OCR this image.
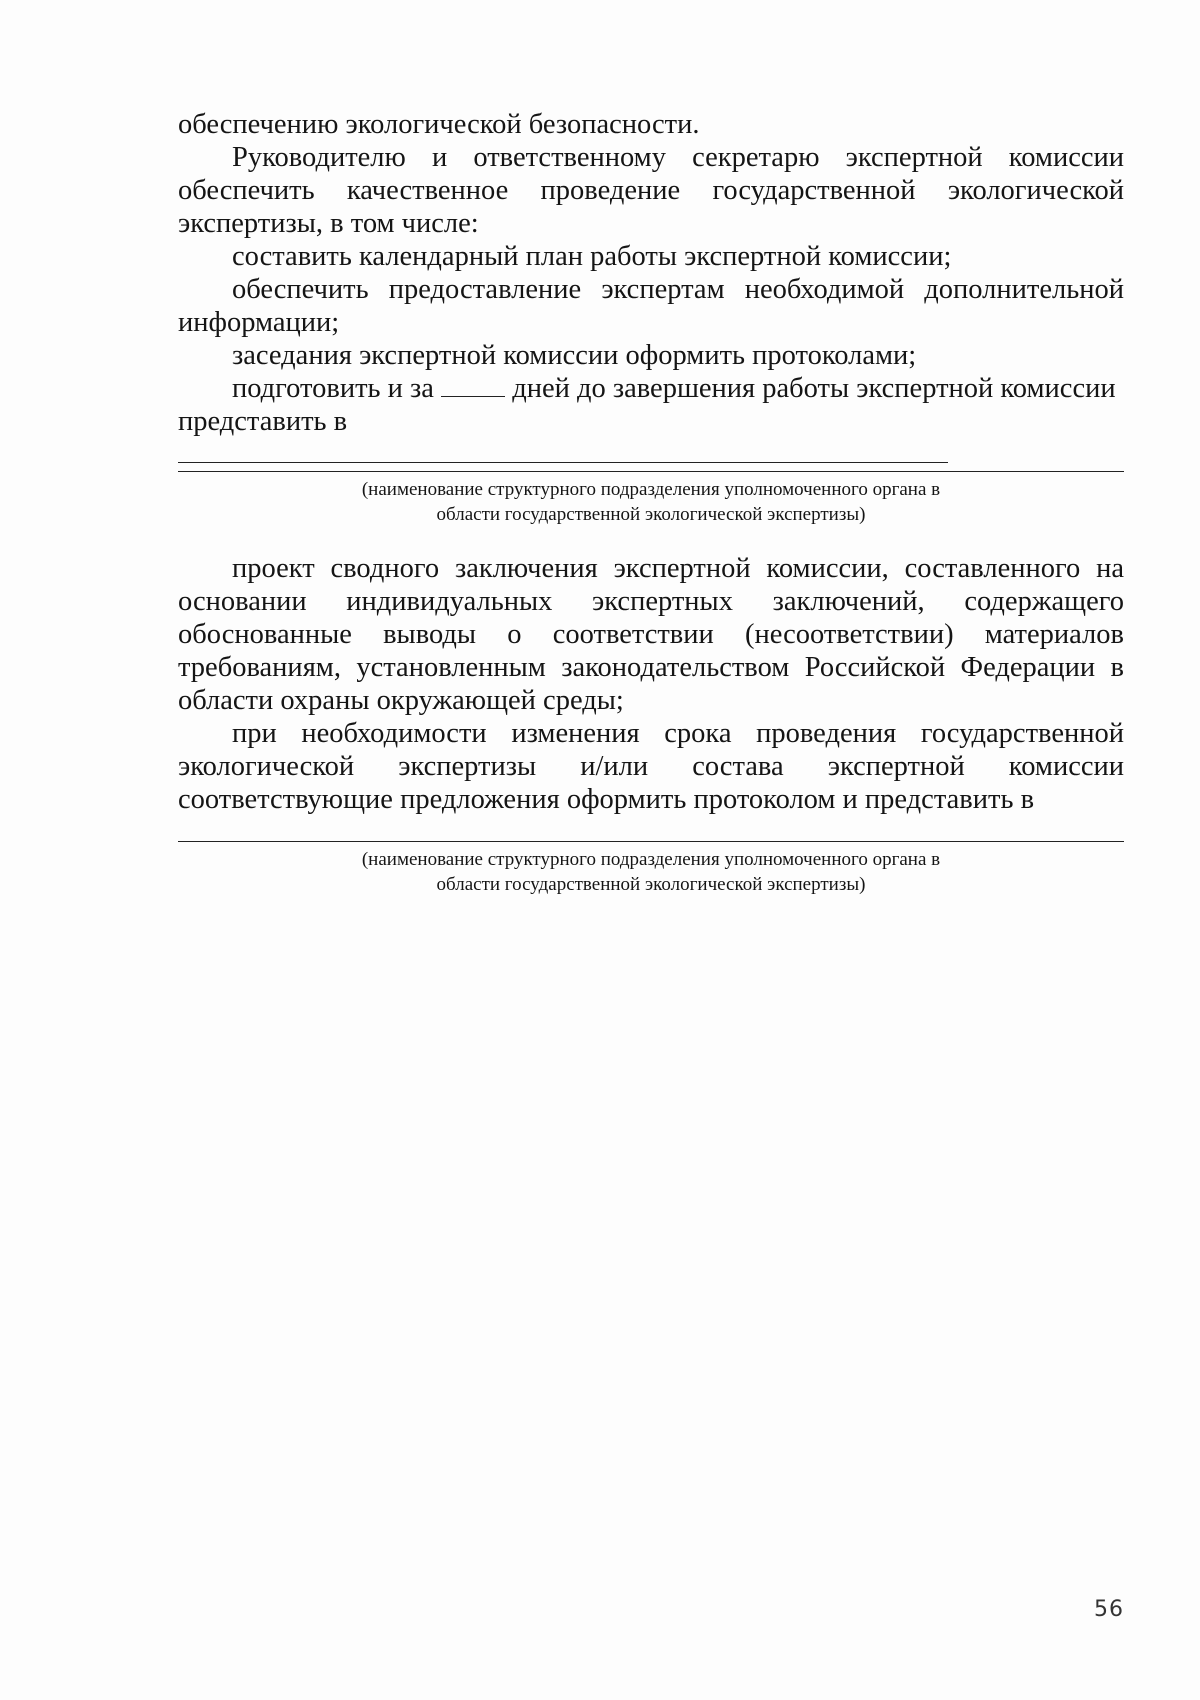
обеспечению экологической безопасности.

Руководителю и ответственному секретарю экспертной комиссии обеспечить качественное проведение государственной экологической экспертизы, в том числе:

составить календарный план работы экспертной комиссии;

обеспечить предоставление экспертам необходимой дополнительной информации;

заседания экспертной комиссии оформить протоколами;

подготовить и за	дней до завершения работы экспертной комиссии

представить в

(наименование структурного подразделения уполномоченного органа в
области государственной экологической экспертизы)

проект сводного заключения экспертной комиссии, составленного на основании индивидуальных экспертных заключений, содержащего обоснованные выводы о соответствии (несоответствии) материалов требованиям, установленным законодательством Российской Федерации в области охраны окружающей среды;

при необходимости изменения срока проведения государственной экологической экспертизы и/или состава экспертной комиссии соответствующие предложения оформить протоколом и представить в

(наименование структурного подразделения уполномоченного органа в
области государственной экологической экспертизы)
56
